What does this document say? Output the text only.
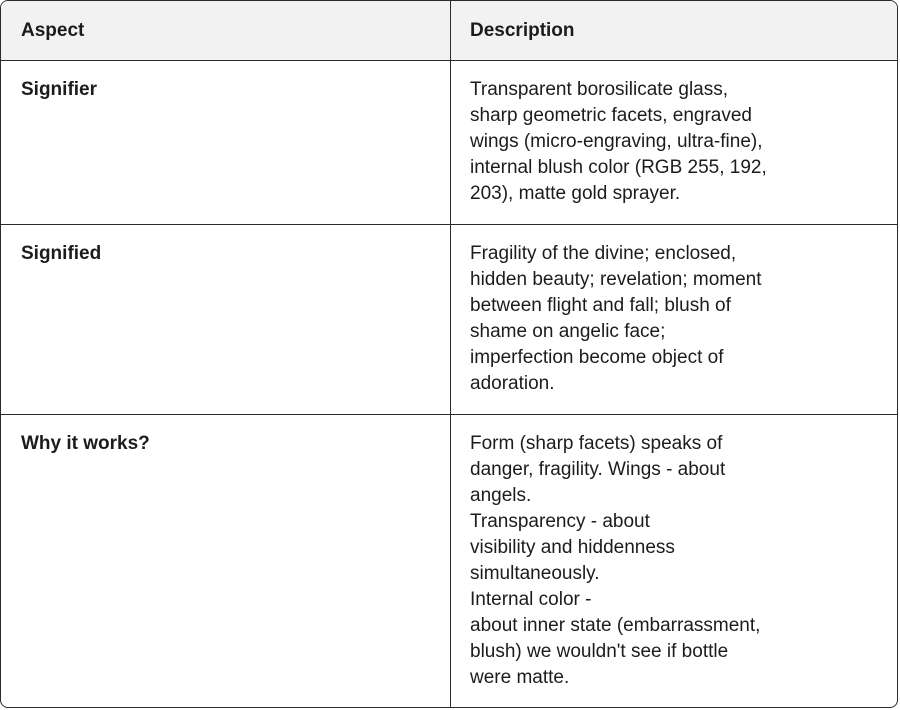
Aspect	Description
Signifier	Transparent borosilicate glass,
sharp geometric facets, engraved
wings (micro-engraving, ultra-fine),
internal blush color (RGB 255, 192,
203), matte gold sprayer.
Signified	Fragility of the divine; enclosed,
hidden beauty; revelation; moment
between flight and fall; blush of
shame on angelic face;
imperfection become object of
adoration.
Why it works?	Form (sharp facets) speaks of
danger, fragility. Wings - about
angels.
Transparency - about
visibility and hiddenness
simultaneously.
Internal color -
about inner state (embarrassment,
blush) we wouldn't see if bottle
were matte.
